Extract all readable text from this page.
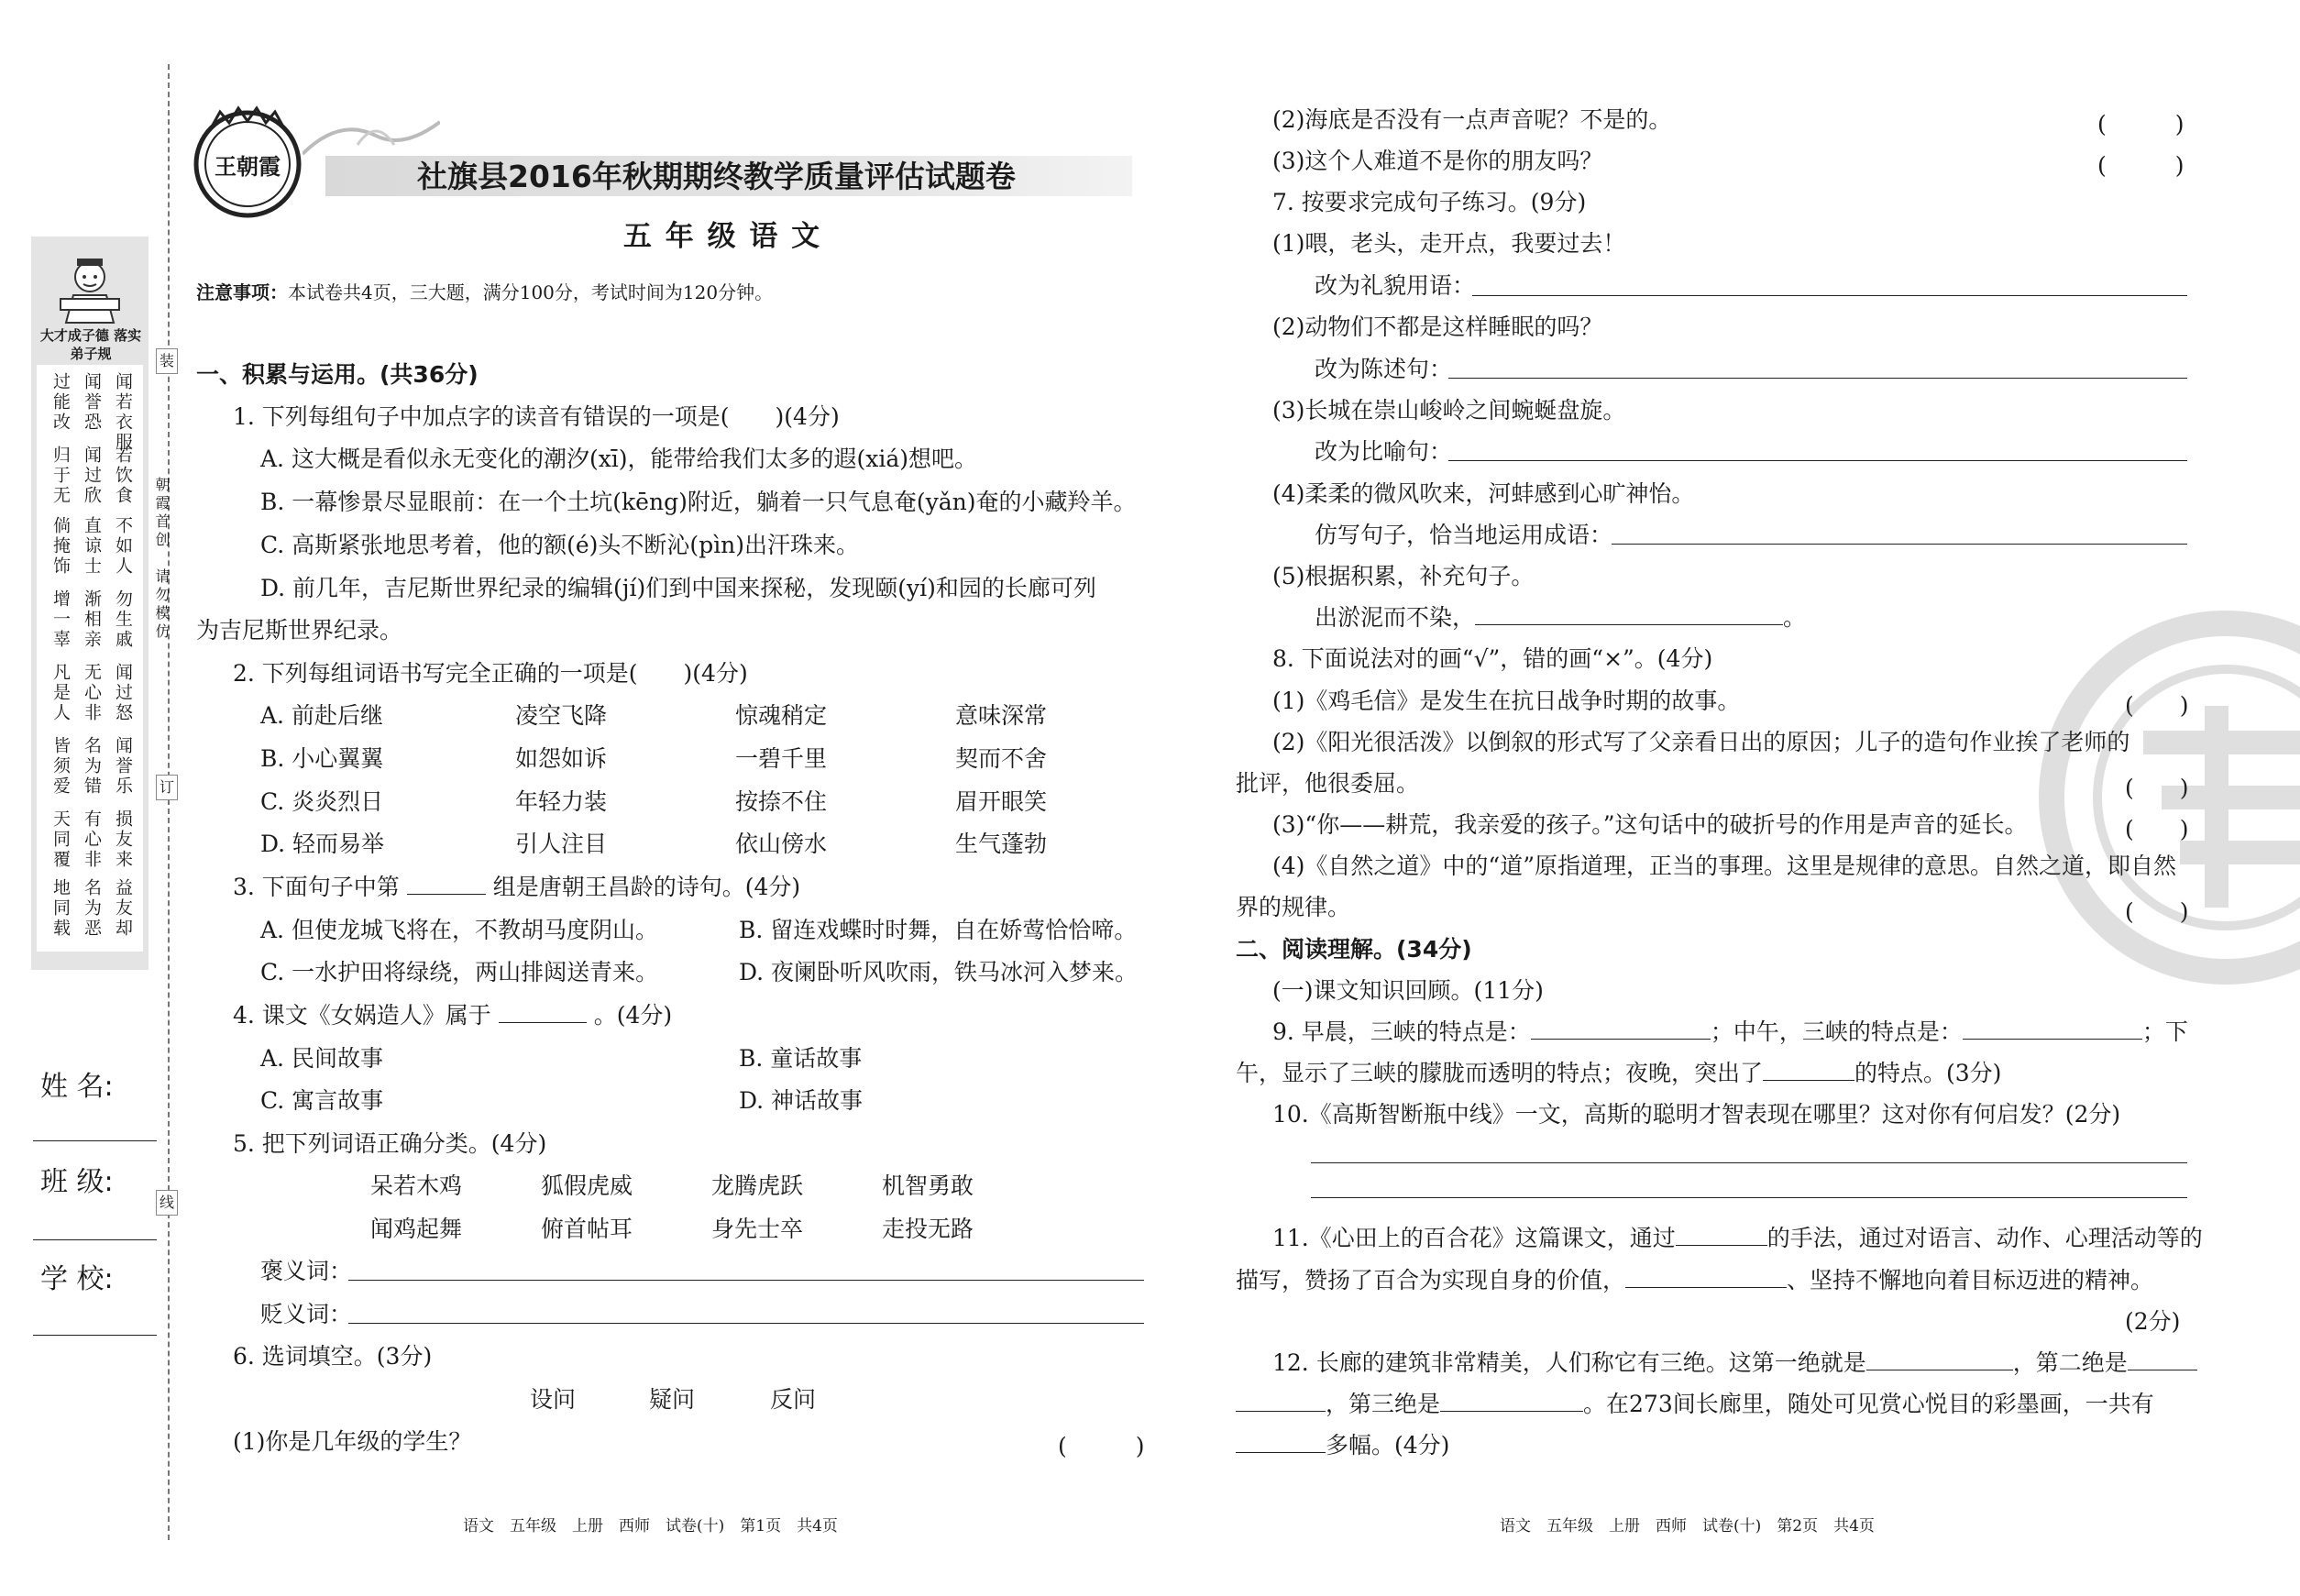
大才成子德 落实弟子规
过能改 闻誉恐 闻若衣服
归于无 闻过欣 若饮食
倘掩饰 直谅士 不如人
增一辜 渐相亲 勿生戚
凡是人 无心非 闻过怒
皆须爱 名为错 闻誉乐
天同覆 有心非 损友来
地同载 名为恶 益友却
装
订
线
朝霞首创
请勿模仿
姓 名:
班 级:
学 校:
王朝霞	社旗县2016年秋期期终教学质量评估试题卷
五 年 级 语 文
注意事项：本试卷共4页，三大题，满分100分，考试时间为120分钟。
一、积累与运用。(共36分)
1. 下列每组句子中加点字的读音有错误的一项是(　　)(4分)
A. 这大概是看似永无变化的潮汐(xī)，能带给我们太多的遐(xiá)想吧。
B. 一幕惨景尽显眼前：在一个土坑(kēng)附近，躺着一只气息奄(yǎn)奄的小藏羚羊。
C. 高斯紧张地思考着，他的额(é)头不断沁(pìn)出汗珠来。
D. 前几年，吉尼斯世界纪录的编辑(jí)们到中国来探秘，发现颐(yí)和园的长廊可列
为吉尼斯世界纪录。
2. 下列每组词语书写完全正确的一项是(　　)(4分)
A. 前赴后继	凌空飞降	惊魂稍定	意味深常
B. 小心翼翼	如怨如诉	一碧千里	契而不舍
C. 炎炎烈日	年轻力装	按捺不住	眉开眼笑
D. 轻而易举	引人注目	依山傍水	生气蓬勃
3. 下面句子中第	组是唐朝王昌龄的诗句。(4分)
A. 但使龙城飞将在，不教胡马度阴山。	B. 留连戏蝶时时舞，自在娇莺恰恰啼。
C. 一水护田将绿绕，两山排闼送青来。	D. 夜阑卧听风吹雨，铁马冰河入梦来。
4. 课文《女娲造人》属于	。(4分)
A. 民间故事	B. 童话故事
C. 寓言故事	D. 神话故事
5. 把下列词语正确分类。(4分)
呆若木鸡	狐假虎威	龙腾虎跃	机智勇敢
闻鸡起舞	俯首帖耳	身先士卒	走投无路
褒义词：
贬义词：
6. 选词填空。(3分)
设问	疑问	反问
(1)你是几年级的学生？	(　　　)
语文　五年级　上册　西师　试卷(十)　第1页　共4页
(2)海底是否没有一点声音呢？不是的。	(　　　)
(3)这个人难道不是你的朋友吗？	(　　　)
7. 按要求完成句子练习。(9分)
(1)喂，老头，走开点，我要过去！
改为礼貌用语：
(2)动物们不都是这样睡眠的吗？
改为陈述句：
(3)长城在崇山峻岭之间蜿蜒盘旋。
改为比喻句：
(4)柔柔的微风吹来，河蚌感到心旷神怡。
仿写句子，恰当地运用成语：
(5)根据积累，补充句子。
出淤泥而不染，	。
8. 下面说法对的画“√”，错的画“×”。(4分)
(1)《鸡毛信》是发生在抗日战争时期的故事。	(　　)
(2)《阳光很活泼》以倒叙的形式写了父亲看日出的原因；儿子的造句作业挨了老师的
批评，他很委屈。	(　　)
(3)“你——耕荒，我亲爱的孩子。”这句话中的破折号的作用是声音的延长。	(　　)
(4)《自然之道》中的“道”原指道理，正当的事理。这里是规律的意思。自然之道，即自然
界的规律。	(　　)
二、阅读理解。(34分)
(一)课文知识回顾。(11分)
9. 早晨，三峡的特点是：	；中午，三峡的特点是：	；下
午，显示了三峡的朦胧而透明的特点；夜晚，突出了	的特点。(3分)
10.《高斯智断瓶中线》一文，高斯的聪明才智表现在哪里？这对你有何启发？(2分)
11.《心田上的百合花》这篇课文，通过	的手法，通过对语言、动作、心理活动等的
描写，赞扬了百合为实现自身的价值，	、坚持不懈地向着目标迈进的精神。
(2分)
12. 长廊的建筑非常精美，人们称它有三绝。这第一绝就是	，第二绝是
，第三绝是	。在273间长廊里，随处可见赏心悦目的彩墨画，一共有
多幅。(4分)
语文　五年级　上册　西师　试卷(十)　第2页　共4页
